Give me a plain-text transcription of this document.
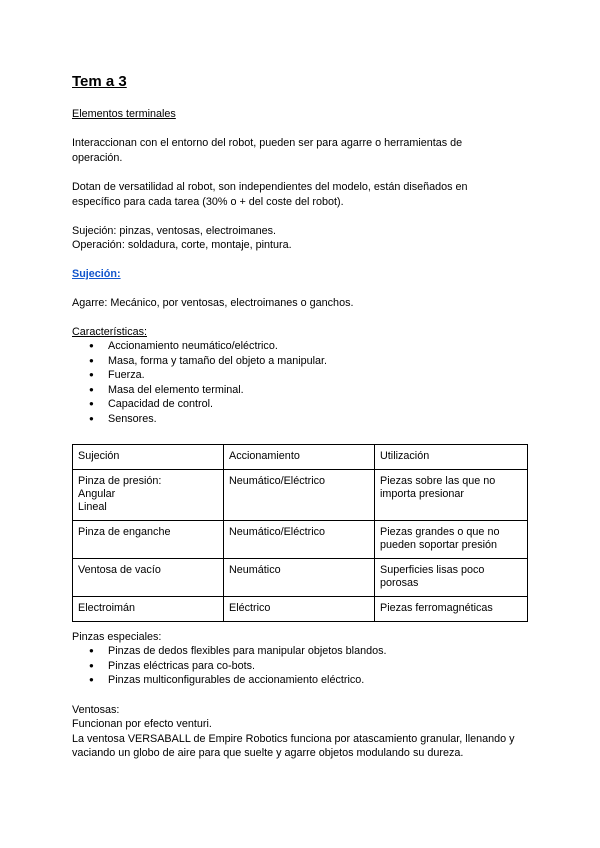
Tem a 3
Elementos terminales
Interaccionan con el entorno del robot, pueden ser para agarre o herramientas de
operación.
Dotan de versatilidad al robot, son independientes del modelo, están diseñados en
específico para cada tarea (30% o + del coste del robot).
Sujeción: pinzas, ventosas, electroimanes.
Operación: soldadura, corte, montaje, pintura.
Sujeción:
Agarre: Mecánico, por ventosas, electroimanes o ganchos.
Características:
● Accionamiento neumático/eléctrico.
● Masa, forma y tamaño del objeto a manipular.
● Fuerza.
● Masa del elemento terminal.
● Capacidad de control.
● Sensores.
Sujeción	Accionamiento	Utilización
Pinza de presión:
Angular
Lineal	Neumático/Eléctrico	Piezas sobre las que no
importa presionar
Pinza de enganche	Neumático/Eléctrico	Piezas grandes o que no
pueden soportar presión
Ventosa de vacío	Neumático	Superficies lisas poco
porosas
Electroimán	Eléctrico	Piezas ferromagnéticas
Pinzas especiales:
● Pinzas de dedos flexibles para manipular objetos blandos.
● Pinzas eléctricas para co-bots.
● Pinzas multiconfigurables de accionamiento eléctrico.
Ventosas:
Funcionan por efecto venturi.
La ventosa VERSABALL de Empire Robotics funciona por atascamiento granular, llenando y
vaciando un globo de aire para que suelte y agarre objetos modulando su dureza.
